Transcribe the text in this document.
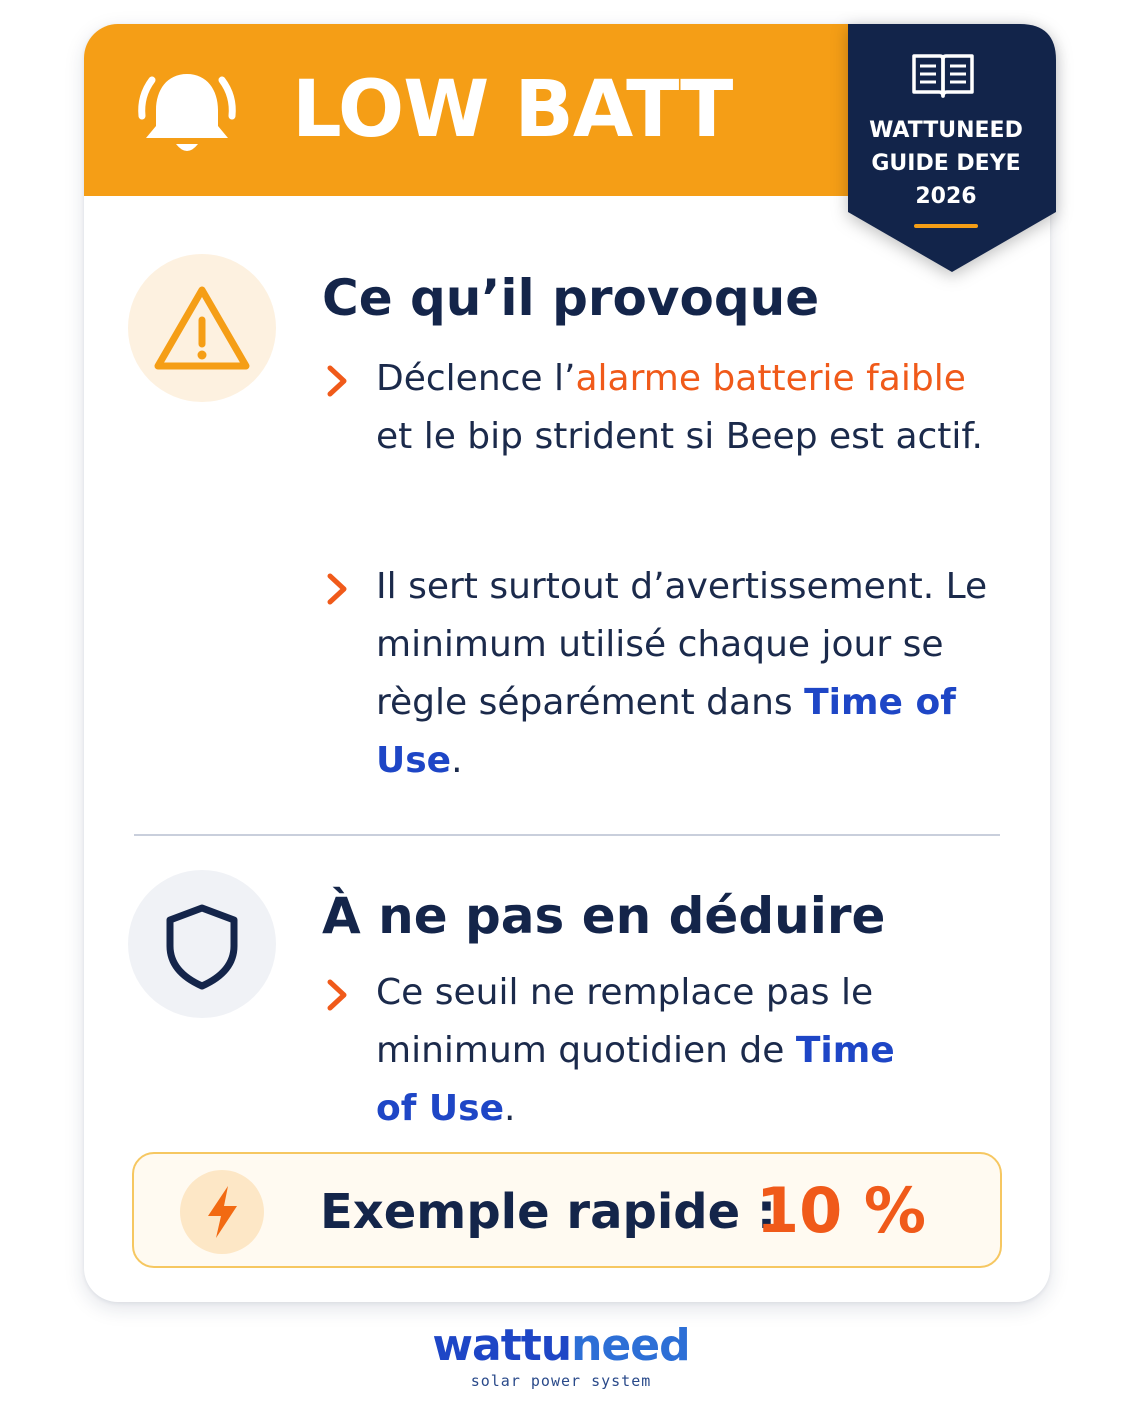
LOW BATT
Ce qu’il provoque
Déclence l’alarme batterie faible et le bip strident si Beep est actif.
Il sert surtout d’avertissement. Le minimum utilisé chaque jour se règle séparément dans Time of Use.
À ne pas en déduire
Ce seuil ne remplace pas le minimum quotidien de Time of Use.
Exemple rapide :
10 %
WATTUNEED
GUIDE DEYE
2026
wattuneed
solar power system
